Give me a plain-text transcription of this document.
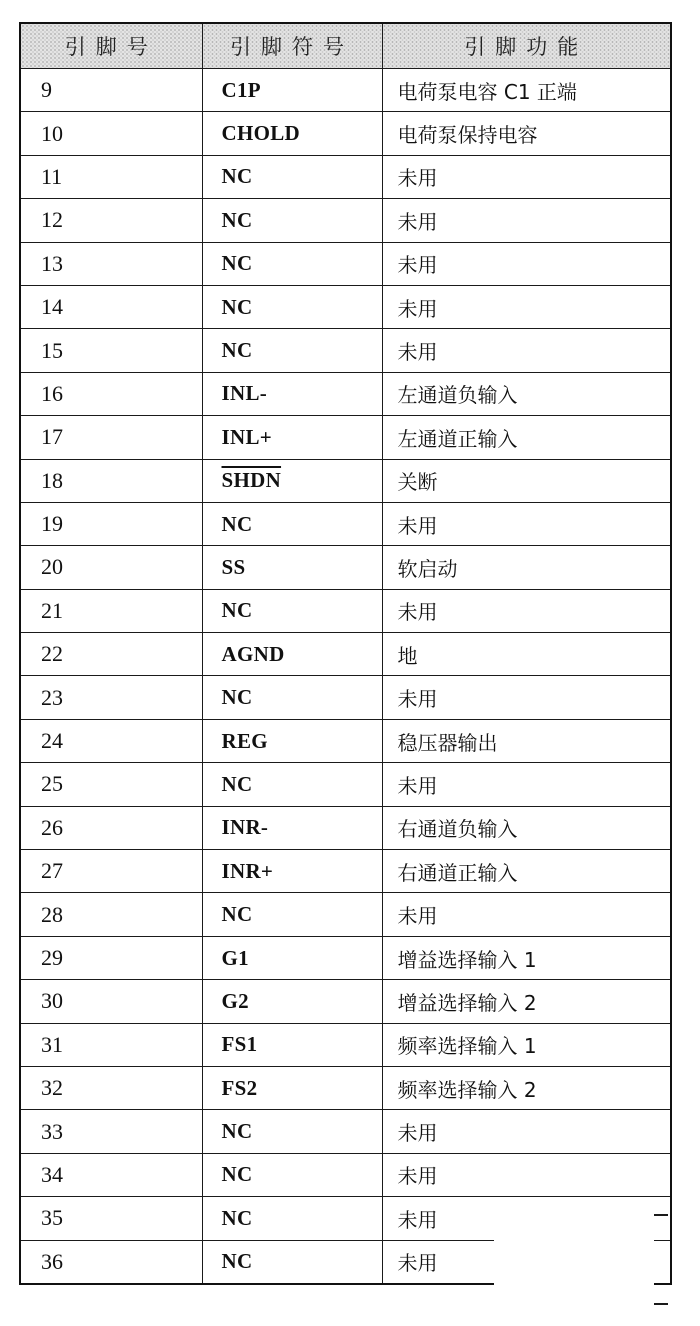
引脚号	引脚符号	引脚功能
9	C1P	电荷泵电容 C1 正端
10	CHOLD	电荷泵保持电容
11	NC	未用
12	NC	未用
13	NC	未用
14	NC	未用
15	NC	未用
16	INL-	左通道负输入
17	INL+	左通道正输入
18	SHDN	关断
19	NC	未用
20	SS	软启动
21	NC	未用
22	AGND	地
23	NC	未用
24	REG	稳压器输出
25	NC	未用
26	INR-	右通道负输入
27	INR+	右通道正输入
28	NC	未用
29	G1	增益选择输入 1
30	G2	增益选择输入 2
31	FS1	频率选择输入 1
32	FS2	频率选择输入 2
33	NC	未用
34	NC	未用
35	NC	未用
36	NC	未用
